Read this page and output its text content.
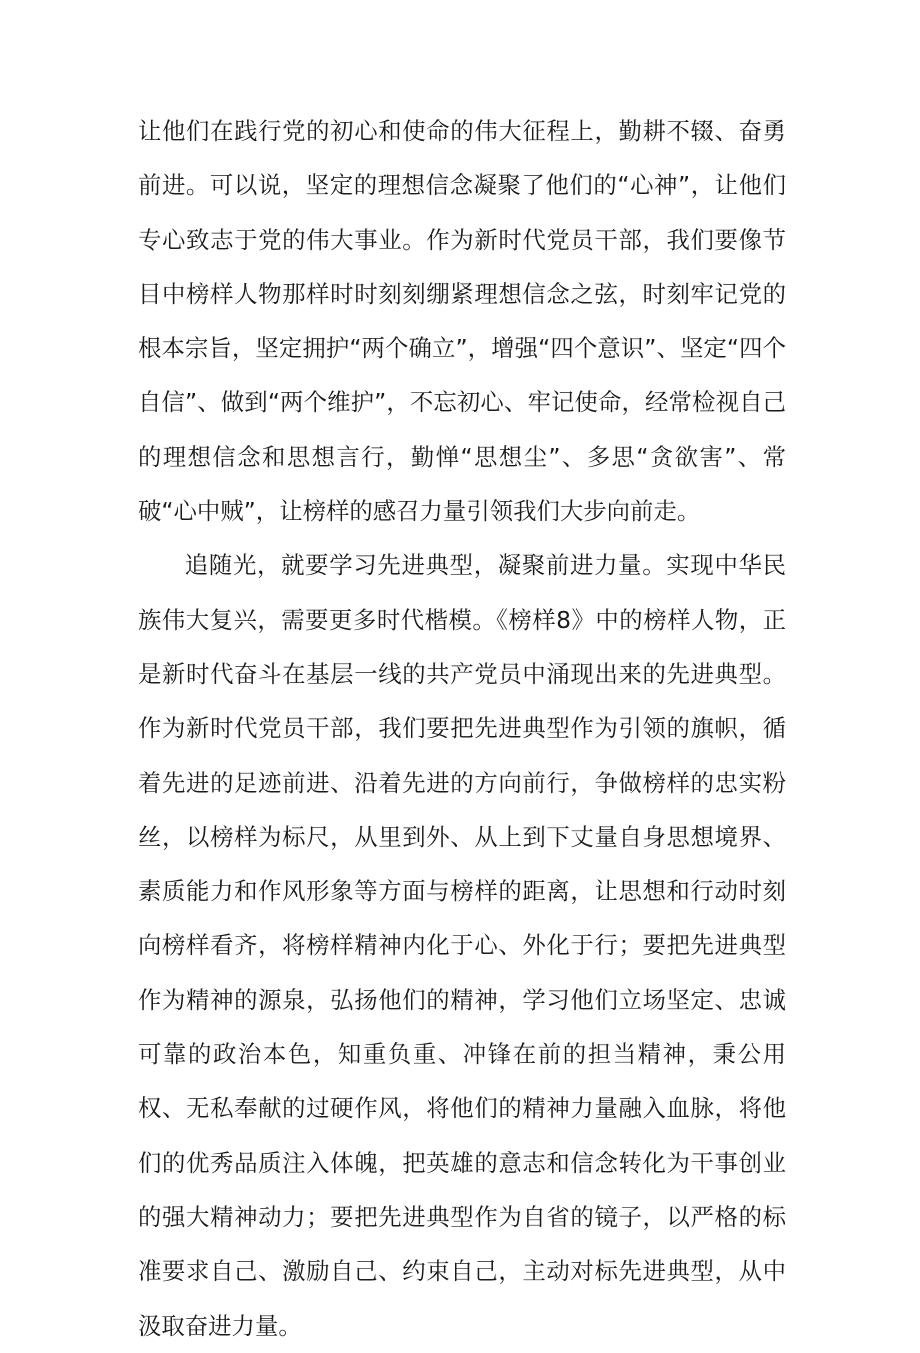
让他们在践行党的初心和使命的伟大征程上，勤耕不辍、奋勇前进。可以说，坚定的理想信念凝聚了他们的“心神”，让他们专心致志于党的伟大事业。作为新时代党员干部，我们要像节目中榜样人物那样时时刻刻绷紧理想信念之弦，时刻牢记党的根本宗旨，坚定拥护“两个确立”，增强“四个意识”、坚定“四个自信”、做到“两个维护”，不忘初心、牢记使命，经常检视自己的理想信念和思想言行，勤惮“思想尘”、多思“贪欲害”、常破“心中贼”，让榜样的感召力量引领我们大步向前走。

追随光，就要学习先进典型，凝聚前进力量。实现中华民族伟大复兴，需要更多时代楷模。《榜样8》中的榜样人物，正是新时代奋斗在基层一线的共产党员中涌现出来的先进典型。作为新时代党员干部，我们要把先进典型作为引领的旗帜，循着先进的足迹前进、沿着先进的方向前行，争做榜样的忠实粉丝，以榜样为标尺，从里到外、从上到下丈量自身思想境界、素质能力和作风形象等方面与榜样的距离，让思想和行动时刻向榜样看齐，将榜样精神内化于心、外化于行；要把先进典型作为精神的源泉，弘扬他们的精神，学习他们立场坚定、忠诚可靠的政治本色，知重负重、冲锋在前的担当精神，秉公用权、无私奉献的过硬作风，将他们的精神力量融入血脉，将他们的优秀品质注入体魄，把英雄的意志和信念转化为干事创业的强大精神动力；要把先进典型作为自省的镜子，以严格的标准要求自己、激励自己、约束自己，主动对标先进典型，从中汲取奋进力量。
